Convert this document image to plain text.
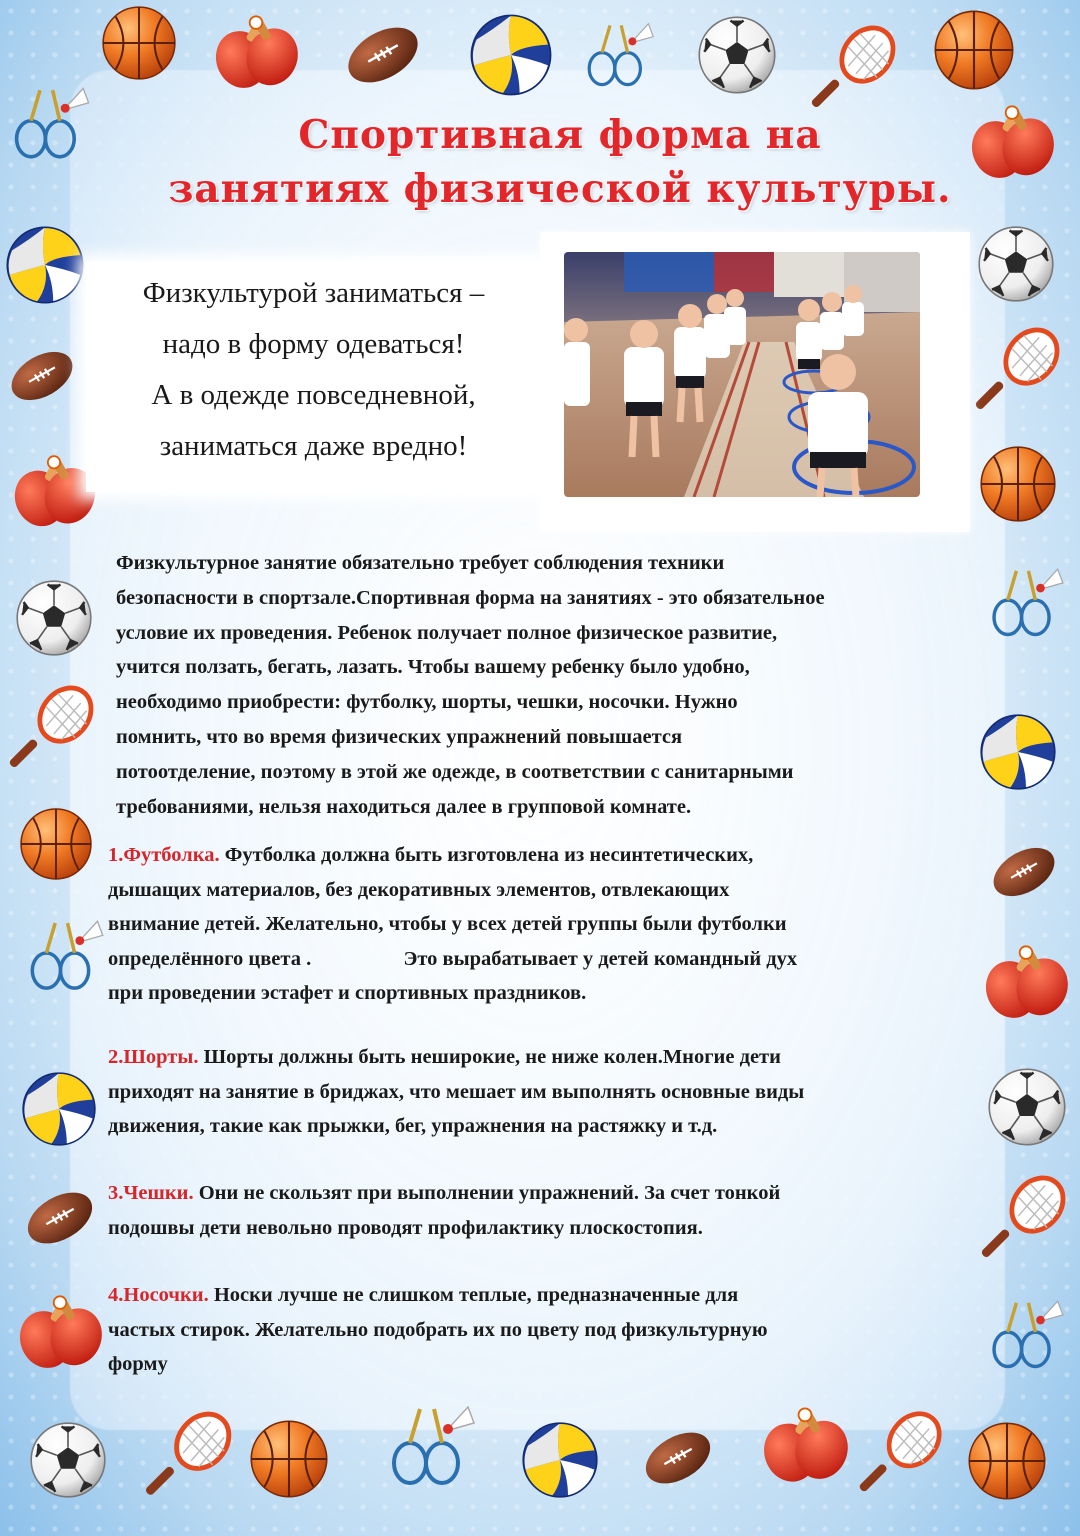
Спортивная форма на
занятиях физической культуры.
Физкультурой заниматься –
надо в форму одеваться!
А в одежде повседневной,
заниматься даже вредно!
Физкультурное занятие обязательно требует соблюдения техники
безопасности в спортзале.Спортивная форма на занятиях - это обязательное
условие их проведения. Ребенок получает полное физическое развитие,
учится ползать, бегать, лазать. Чтобы вашему ребенку было удобно,
необходимо приобрести: футболку, шорты, чешки, носочки. Нужно
помнить, что во время физических упражнений повышается
потоотделение, поэтому в этой же одежде, в соответствии с санитарными
требованиями, нельзя находиться далее в групповой комнате.
1.Футболка. Футболка должна быть изготовлена из несинтетических,
дышащих материалов, без декоративных элементов, отвлекающих
внимание детей. Желательно, чтобы у всех детей группы были футболки
определённого цвета .                  Это вырабатывает у детей командный дух
при проведении эстафет и спортивных праздников.
2.Шорты. Шорты должны быть неширокие, не ниже колен.Многие дети
приходят на занятие в бриджах, что мешает им выполнять основные виды
движения, такие как прыжки, бег, упражнения на растяжку и т.д.
3.Чешки. Они не скользят при выполнении упражнений. За счет тонкой
подошвы дети невольно проводят профилактику плоскостопия.
4.Носочки. Носки лучше не слишком теплые, предназначенные для
частых стирок. Желательно подобрать их по цвету под физкультурную
форму
